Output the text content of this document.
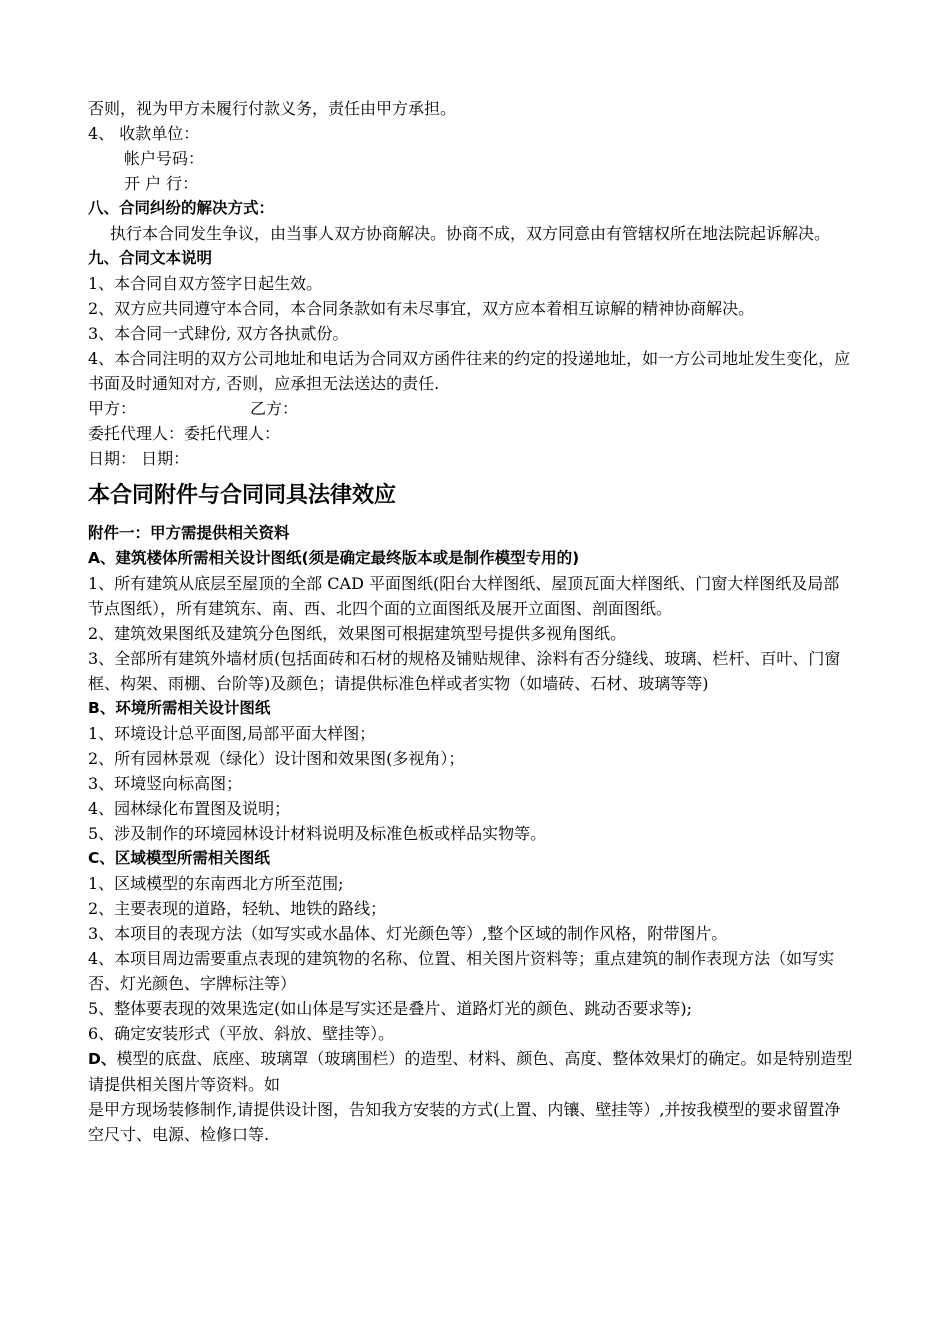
否则，视为甲方未履行付款义务，责任由甲方承担。

4、 收款单位：

帐户号码：

开 户 行：

八、合同纠纷的解决方式：

执行本合同发生争议，由当事人双方协商解决。协商不成，双方同意由有管辖权所在地法院起诉解决。

九、合同文本说明

1、本合同自双方签字日起生效。

2、双方应共同遵守本合同，本合同条款如有未尽事宜，双方应本着相互谅解的精神协商解决。

3、本合同一式肆份, 双方各执贰份。

4、本合同注明的双方公司地址和电话为合同双方函件往来的约定的投递地址，如一方公司地址发生变化，应书面及时通知对方, 否则，应承担无法送达的责任.

甲方：	乙方：

委托代理人：委托代理人：

日期： 日期：

本合同附件与合同同具法律效应

附件一：甲方需提供相关资料

A、建筑楼体所需相关设计图纸(须是确定最终版本或是制作模型专用的)

1、所有建筑从底层至屋顶的全部 CAD 平面图纸(阳台大样图纸、屋顶瓦面大样图纸、门窗大样图纸及局部节点图纸），所有建筑东、南、西、北四个面的立面图纸及展开立面图、剖面图纸。

2、建筑效果图纸及建筑分色图纸，效果图可根据建筑型号提供多视角图纸。

3、全部所有建筑外墙材质(包括面砖和石材的规格及铺贴规律、涂料有否分缝线、玻璃、栏杆、百叶、门窗框、构架、雨棚、台阶等)及颜色；请提供标准色样或者实物（如墙砖、石材、玻璃等等)

B、环境所需相关设计图纸

1、环境设计总平面图,局部平面大样图；

2、所有园林景观（绿化）设计图和效果图(多视角）；

3、环境竖向标高图；

4、园林绿化布置图及说明；

5、涉及制作的环境园林设计材料说明及标准色板或样品实物等。

C、区域模型所需相关图纸

1、区域模型的东南西北方所至范围;

2、主要表现的道路，轻轨、地铁的路线；

3、本项目的表现方法（如写实或水晶体、灯光颜色等）,整个区域的制作风格，附带图片。

4、本项目周边需要重点表现的建筑物的名称、位置、相关图片资料等；重点建筑的制作表现方法（如写实否、灯光颜色、字牌标注等）

5、整体要表现的效果选定(如山体是写实还是叠片、道路灯光的颜色、跳动否要求等);

6、确定安装形式（平放、斜放、壁挂等）。

D、模型的底盘、底座、玻璃罩（玻璃围栏）的造型、材料、颜色、高度、整体效果灯的确定。如是特别造型请提供相关图片等资料。如

是甲方现场装修制作,请提供设计图，告知我方安装的方式(上置、内镶、壁挂等）,并按我模型的要求留置净空尺寸、电源、检修口等.
